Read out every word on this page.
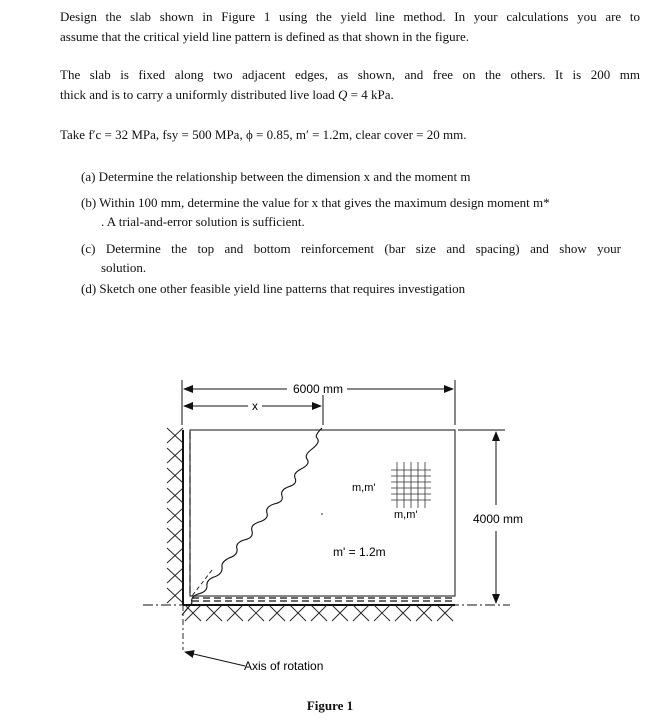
Design the slab shown in Figure 1 using the yield line method. In your calculations you are to
assume that the critical yield line pattern is defined as that shown in the figure.
The slab is fixed along two adjacent edges, as shown, and free on the others. It is 200 mm
thick and is to carry a uniformly distributed live load Q = 4 kPa.
Take f′c = 32 MPa, fsy = 500 MPa, ϕ = 0.85, m′ = 1.2m, clear cover = 20 mm.
(a) Determine the relationship between the dimension x and the moment m
(b) Within 100 mm, determine the value for x that gives the maximum design moment m*
. A trial-and-error solution is sufficient.
(c) Determine the top and bottom reinforcement (bar size and spacing) and show your
solution.
(d) Sketch one other feasible yield line patterns that requires investigation
6000 mm
x
m,m'
m,m'
m' = 1.2m
4000 mm
Axis of rotation
Figure 1
